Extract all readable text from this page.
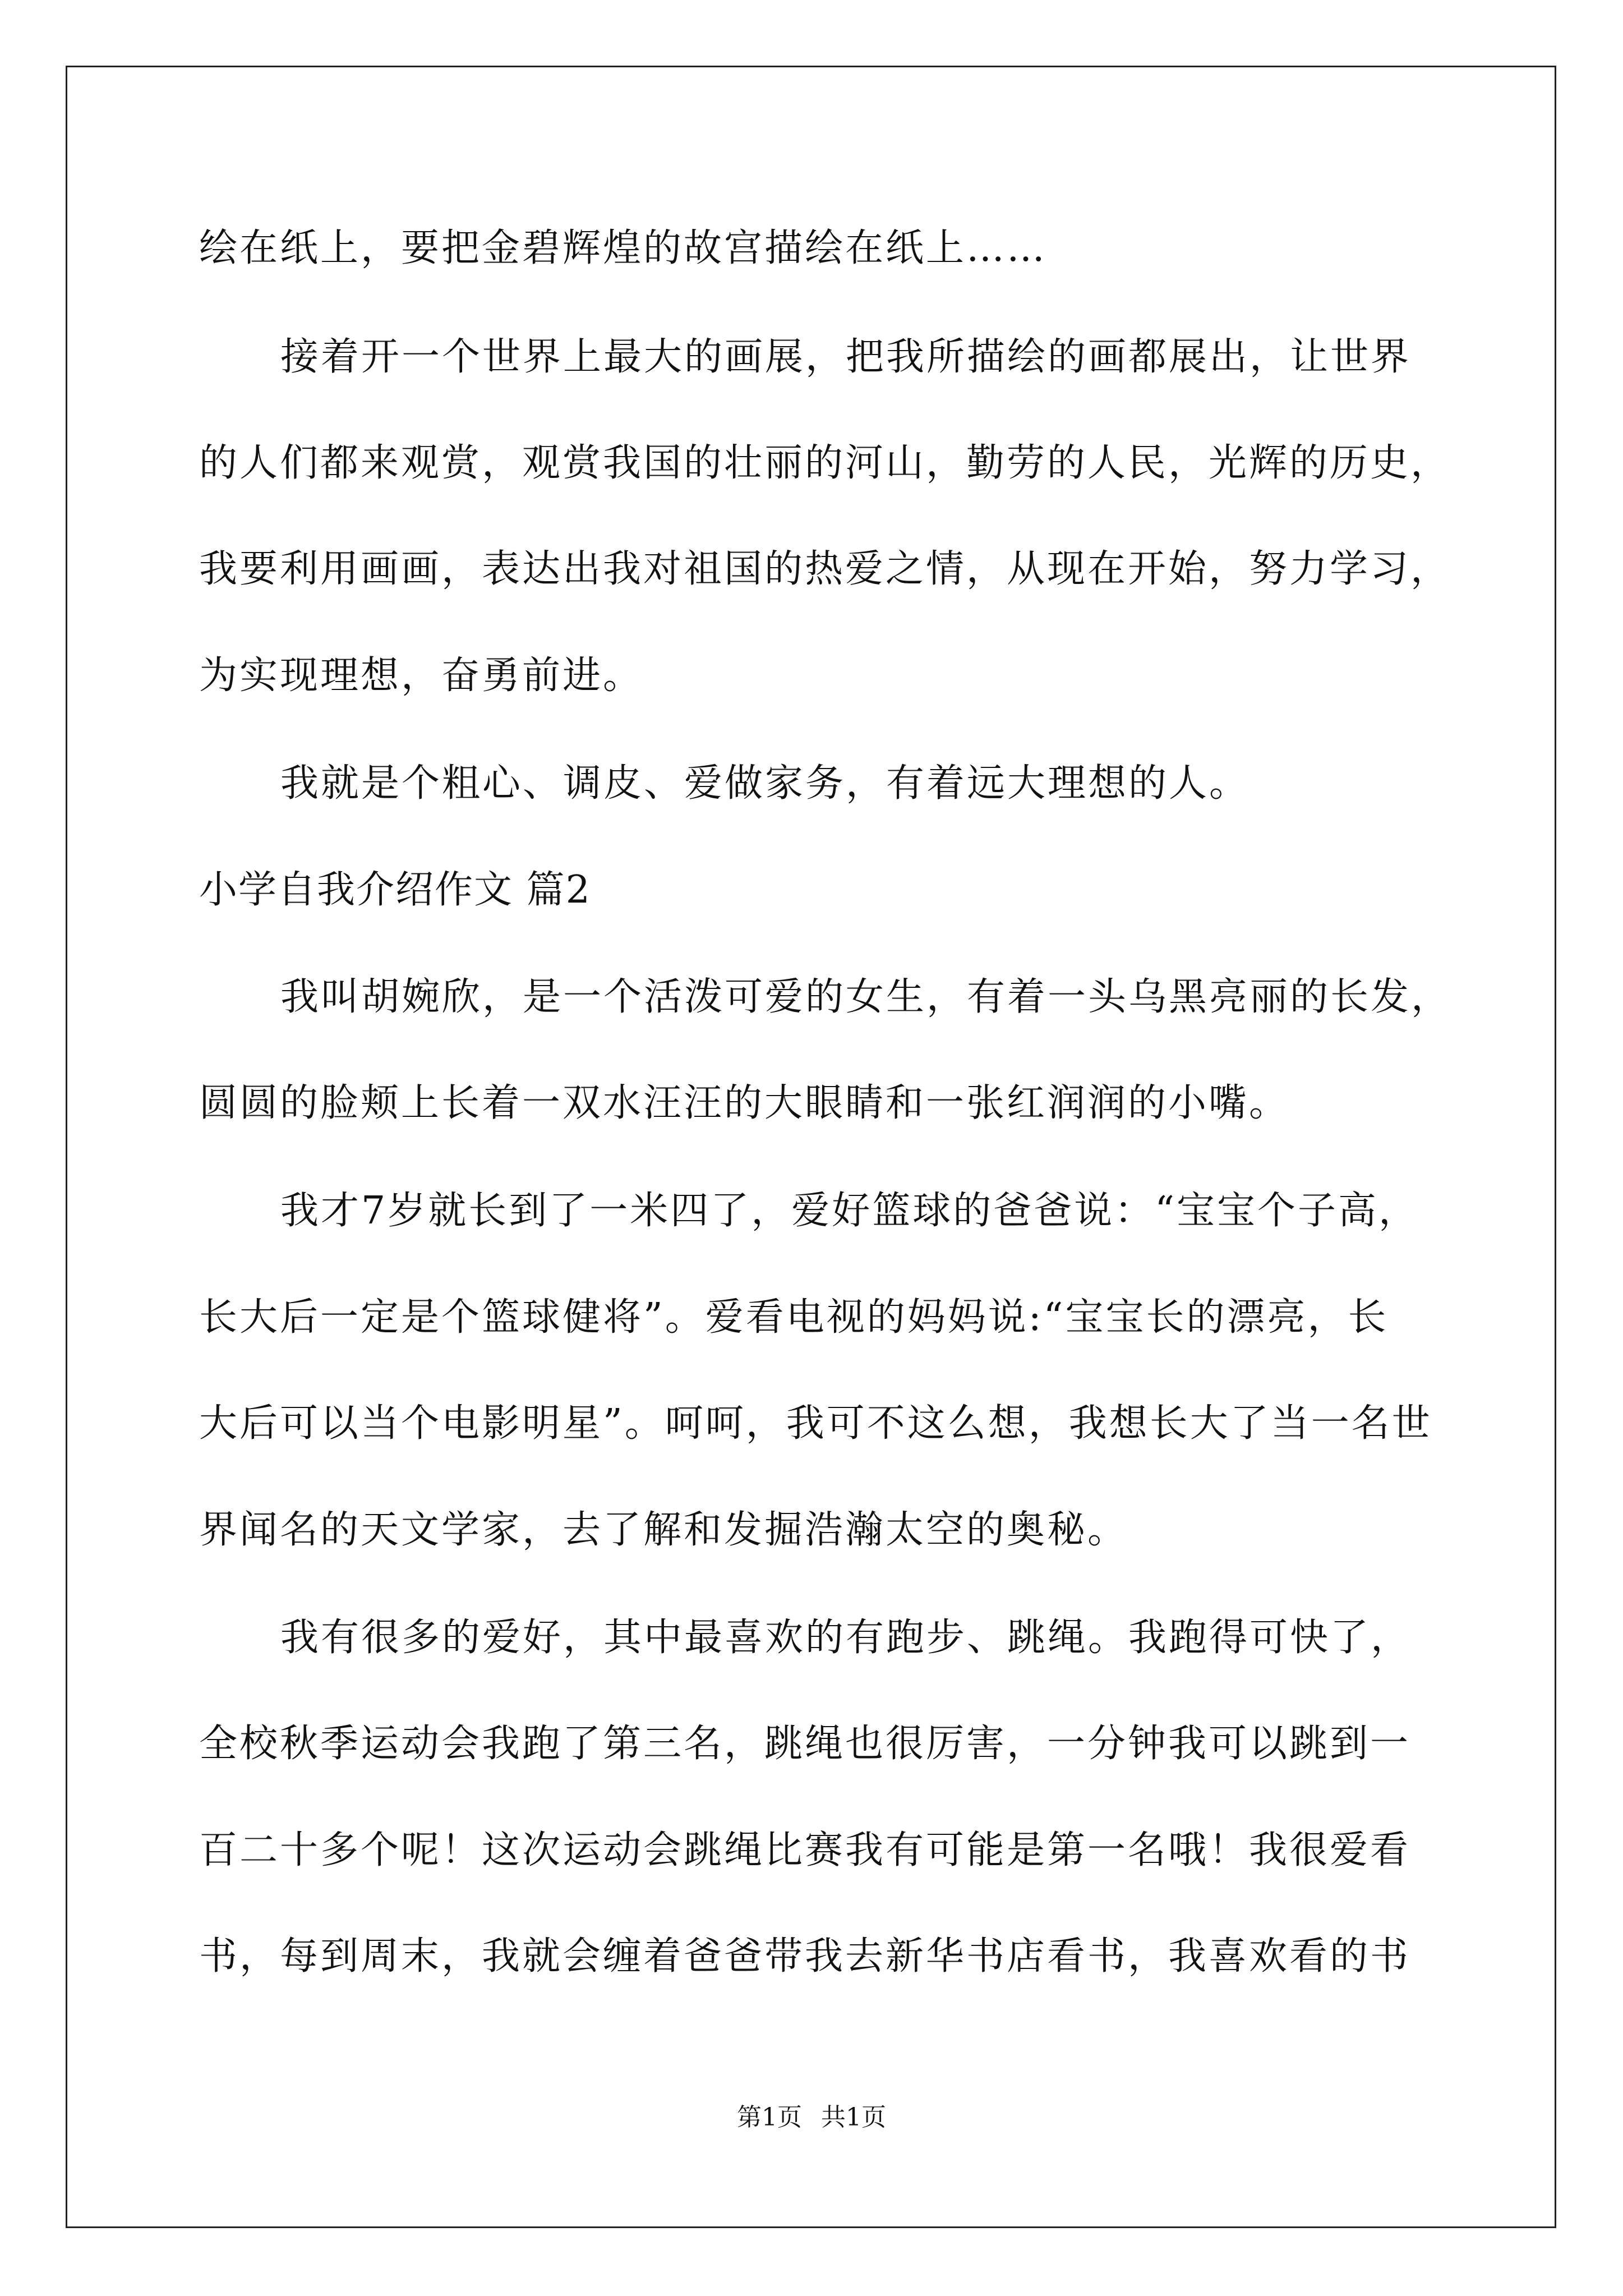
绘在纸上，要把金碧辉煌的故宫描绘在纸上……
接着开一个世界上最大的画展，把我所描绘的画都展出，让世界
的人们都来观赏，观赏我国的壮丽的河山，勤劳的人民，光辉的历史，
我要利用画画，表达出我对祖国的热爱之情，从现在开始，努力学习，
为实现理想，奋勇前进。
我就是个粗心、调皮、爱做家务，有着远大理想的人。
小学自我介绍作文 篇2
我叫胡婉欣，是一个活泼可爱的女生，有着一头乌黑亮丽的长发，
圆圆的脸颊上长着一双水汪汪的大眼睛和一张红润润的小嘴。
我才7岁就长到了一米四了，爱好篮球的爸爸说：“宝宝个子高，
长大后一定是个篮球健将”。爱看电视的妈妈说:“宝宝长的漂亮，长
大后可以当个电影明星”。呵呵，我可不这么想，我想长大了当一名世
界闻名的天文学家，去了解和发掘浩瀚太空的奥秘。
我有很多的爱好，其中最喜欢的有跑步、跳绳。我跑得可快了，
全校秋季运动会我跑了第三名，跳绳也很厉害，一分钟我可以跳到一
百二十多个呢！这次运动会跳绳比赛我有可能是第一名哦！我很爱看
书，每到周末，我就会缠着爸爸带我去新华书店看书，我喜欢看的书
第1页 共1页
